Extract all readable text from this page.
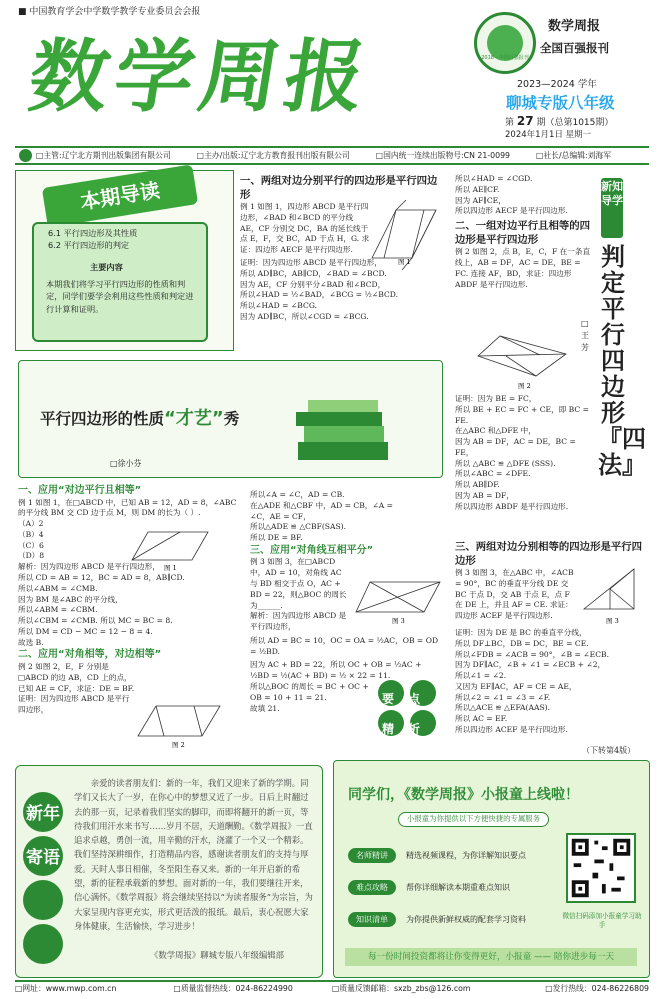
■ 中国教育学会中学数学教学专业委员会会报
数学周报	2018 · 中国百强报刊
数学周报
全国百强报刊
2023—2024 学年
聊城专版八年级
第 27 期（总第1015期）
2024年1月1日 星期一
□主管:辽宁北方期刊出版集团有限公司	□主办/出版:辽宁北方教育报刊出版有限公司	□国内统一连续出版物号:CN 21-0099	□社长/总编辑:刘海军
本期导读
6.1 平行四边形及其性质
6.2 平行四边形的判定
主要内容
本期我们将学习平行四边形的性质和判定，同学们要学会利用这些性质和判定进行计算和证明。
一、两组对边分别平行的四边形是平行四边形

例 1 如图 1，四边形 ABCD 是平行四边形，∠BAD 和∠BCD 的平分线 AE，CF 分别交 DC，BA 的延长线于点 E，F，交 BC，AD 于点 H，G. 求证：四边形 AECF 是平行四边形.

证明：因为四边形 ABCD 是平行四边形，

所以 AD∥BC，AB∥CD，∠BAD = ∠BCD.

因为 AE，CF 分别平分∠BAD 和∠BCD，

所以∠HAD = ½∠BAD，∠BCG = ½∠BCD.

所以∠HAD = ∠BCG.

因为 AD∥BC，所以∠CGD = ∠BCG.

图 1

所以∠HAD = ∠CGD.

所以 AE∥CF.

因为 AF∥CE，

所以四边形 AECF 是平行四边形.

二、一组对边平行且相等的四边形是平行四边形

例 2 如图 2，点 B，E，C，F 在一条直线上，AB = DF，AC = DE，BE = FC. 连接 AF，BD，求证：四边形 ABDF 是平行四边形.

图 2

证明：因为 BE = FC，

所以 BE + EC = FC + CE，即 BC = FE.

在△ABC 和△DFE 中，

因为 AB = DF，AC = DE，BC = FE，

所以 △ABC ≌ △DFE (SSS).

所以∠ABC = ∠DFE.

所以 AB∥DF.

因为 AB = DF，

所以四边形 ABDF 是平行四边形.

三、两组对边分别相等的四边形是平行四边形

例 3 如图 3，在△ABC 中，∠ACB = 90°，BC 的垂直平分线 DE 交 BC 于点 D，交 AB 于点 E，点 F 在 DE 上，并且 AF = CE. 求证：四边形 ACEF 是平行四边形.

图 3

证明：因为 DE 是 BC 的垂直平分线，

所以 DF⊥BC，DB = DC，BE = CE.

所以∠FDB = ∠ACB = 90°，∠B = ∠ECB.

因为 DF∥AC，∠B + ∠1 = ∠ECB + ∠2，

所以∠1 = ∠2.

又因为 EF∥AC，AF = CE = AE，

所以∠2 = ∠1 = ∠3 = ∠F.

所以△ACE ≌ △EFA(AAS).

所以 AC = EF.

所以四边形 ACEF 是平行四边形.

（下转第4版）
新知导学
判定平行四边形『四法』
□王 芳
平行四边形的性质“才艺”秀
□徐小芬
一、应用“对边平行且相等”

例 1 如图 1，在□ABCD 中，已知 AB = 12，AD = 8，∠ABC 的平分线 BM 交 CD 边于点 M，则 DM 的长为（ ）.

（A）2

（B）4

（C）6

（D）8

解析：因为四边形 ABCD 是平行四边形，

所以 CD = AB = 12，BC = AD = 8，AB∥CD.

所以∠ABM = ∠CMB.

因为 BM 是∠ABC 的平分线，

所以∠ABM = ∠CBM.

所以∠CBM = ∠CMB. 所以 MC = BC = 8.

所以 DM = CD − MC = 12 − 8 = 4.

故选 B.

二、应用“对角相等，对边相等”

例 2 如图 2，E，F 分别是□ABCD 的边 AB，CD 上的点，已知 AE = CF，求证：DE = BF.

证明：因为四边形 ABCD 是平行四边形，

图 1
图 2

所以∠A = ∠C，AD = CB.

在△ADE 和△CBF 中，AD = CB，∠A = ∠C，AE = CF，

所以△ADE ≌ △CBF(SAS).

所以 DE = BF.

三、应用“对角线互相平分”

例 3 如图 3，在□ABCD 中，AD = 10，对角线 AC 与 BD 相交于点 O，AC + BD = 22，则△BOC 的周长为______.

解析：因为四边形 ABCD 是平行四边形，

所以 AD = BC = 10，OC = OA = ½AC，OB = OD = ½BD.

因为 AC + BD = 22，所以 OC + OB = ½AC + ½BD = ½(AC + BD) = ½ × 22 = 11.

所以△BOC 的周长 = BC + OC + OB = 10 + 11 = 21.

故填 21.

图 3
要点精析
新年寄语
亲爱的读者朋友们：新的一年，我们又迎来了新的学期。同学们又长大了一岁，在你心中的梦想又近了一步。日后上时翻过去的那一页，记录着我们坚实的脚印，而即将翻开的新一页，等待我们用汗水来书写……岁月不居，天道酬勤。《数学周报》一直追求卓越，勇创一流，用辛勤的汗水，浇灌了一个又一个精彩。我们坚持深耕细作，打造精品内容，感谢读者朋友们的支持与厚爱。天时人事日相催，冬至阳生春又来。新的一年开启新的希望，新的征程承载新的梦想。面对新的一年，我们要继往开来，信心满怀。《数学周报》将会继续坚持以“为读者服务”为宗旨，为大家呈现内容更充实，形式更活泼的报纸。最后，衷心祝愿大家身体健康，生活愉快，学习进步！
《数学周报》聊城专版八年级编辑部
同学们，《数学周报》小报童上线啦！
小报童为你提供以下方便快捷的专属服务
名师精讲	精选视频课程，为你详解知识要点
难点攻略	帮你详细解读本期重难点知识
知识清单	为你提供新鲜权威的配套学习资料	微信扫码添加小报童学习助手
每一份时间投资都将让你变得更好，小报童 —— 陪你进步每一天
□网址：www.mwp.com.cn	□质量监督热线：024-86224990	□质量反馈邮箱：sxzb_zbs@126.com	□发行热线：024-86226809
